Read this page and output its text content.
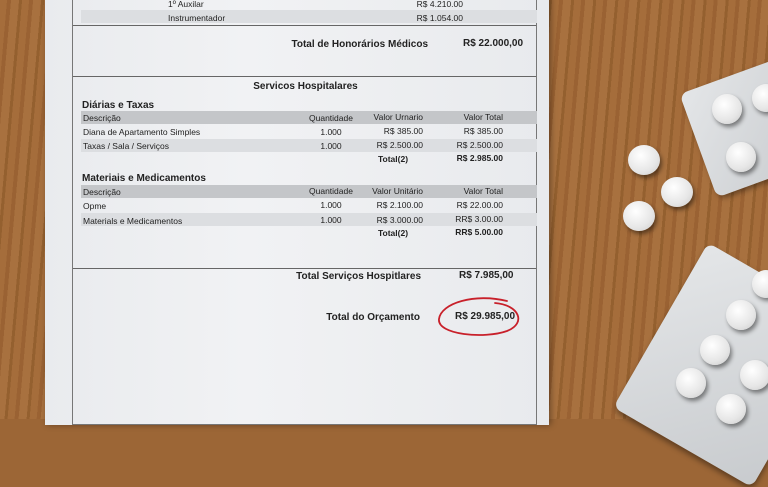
1º Auxilar	R$ 4.210.00
Instrumentador	R$ 1.054.00
Total de Honorários Médicos	R$ 22.000,00
Servicos Hospitalares
Diárias e Taxas
Descrição	Quantidade	Valor Urnario	Valor Total
Diana de Apartamento Simples	1.000	R$ 385.00	R$ 385.00
Taxas / Sala / Serviços	1.000	R$ 2.500.00	R$ 2.500.00
Total(2)	R$ 2.985.00
Materiais e Medicamentos
Descrição	Quantidade	Valor Unitário	Valor Total
Opme	1.000	R$ 2.100.00	R$ 22.00.00
Materials e Medicamentos	1.000	R$ 3.000.00	RR$ 3.00.00
Total(2)	RR$ 5.00.00
Total Serviços Hospitlares	R$ 7.985,00
Total do Orçamento	R$ 29.985,00
